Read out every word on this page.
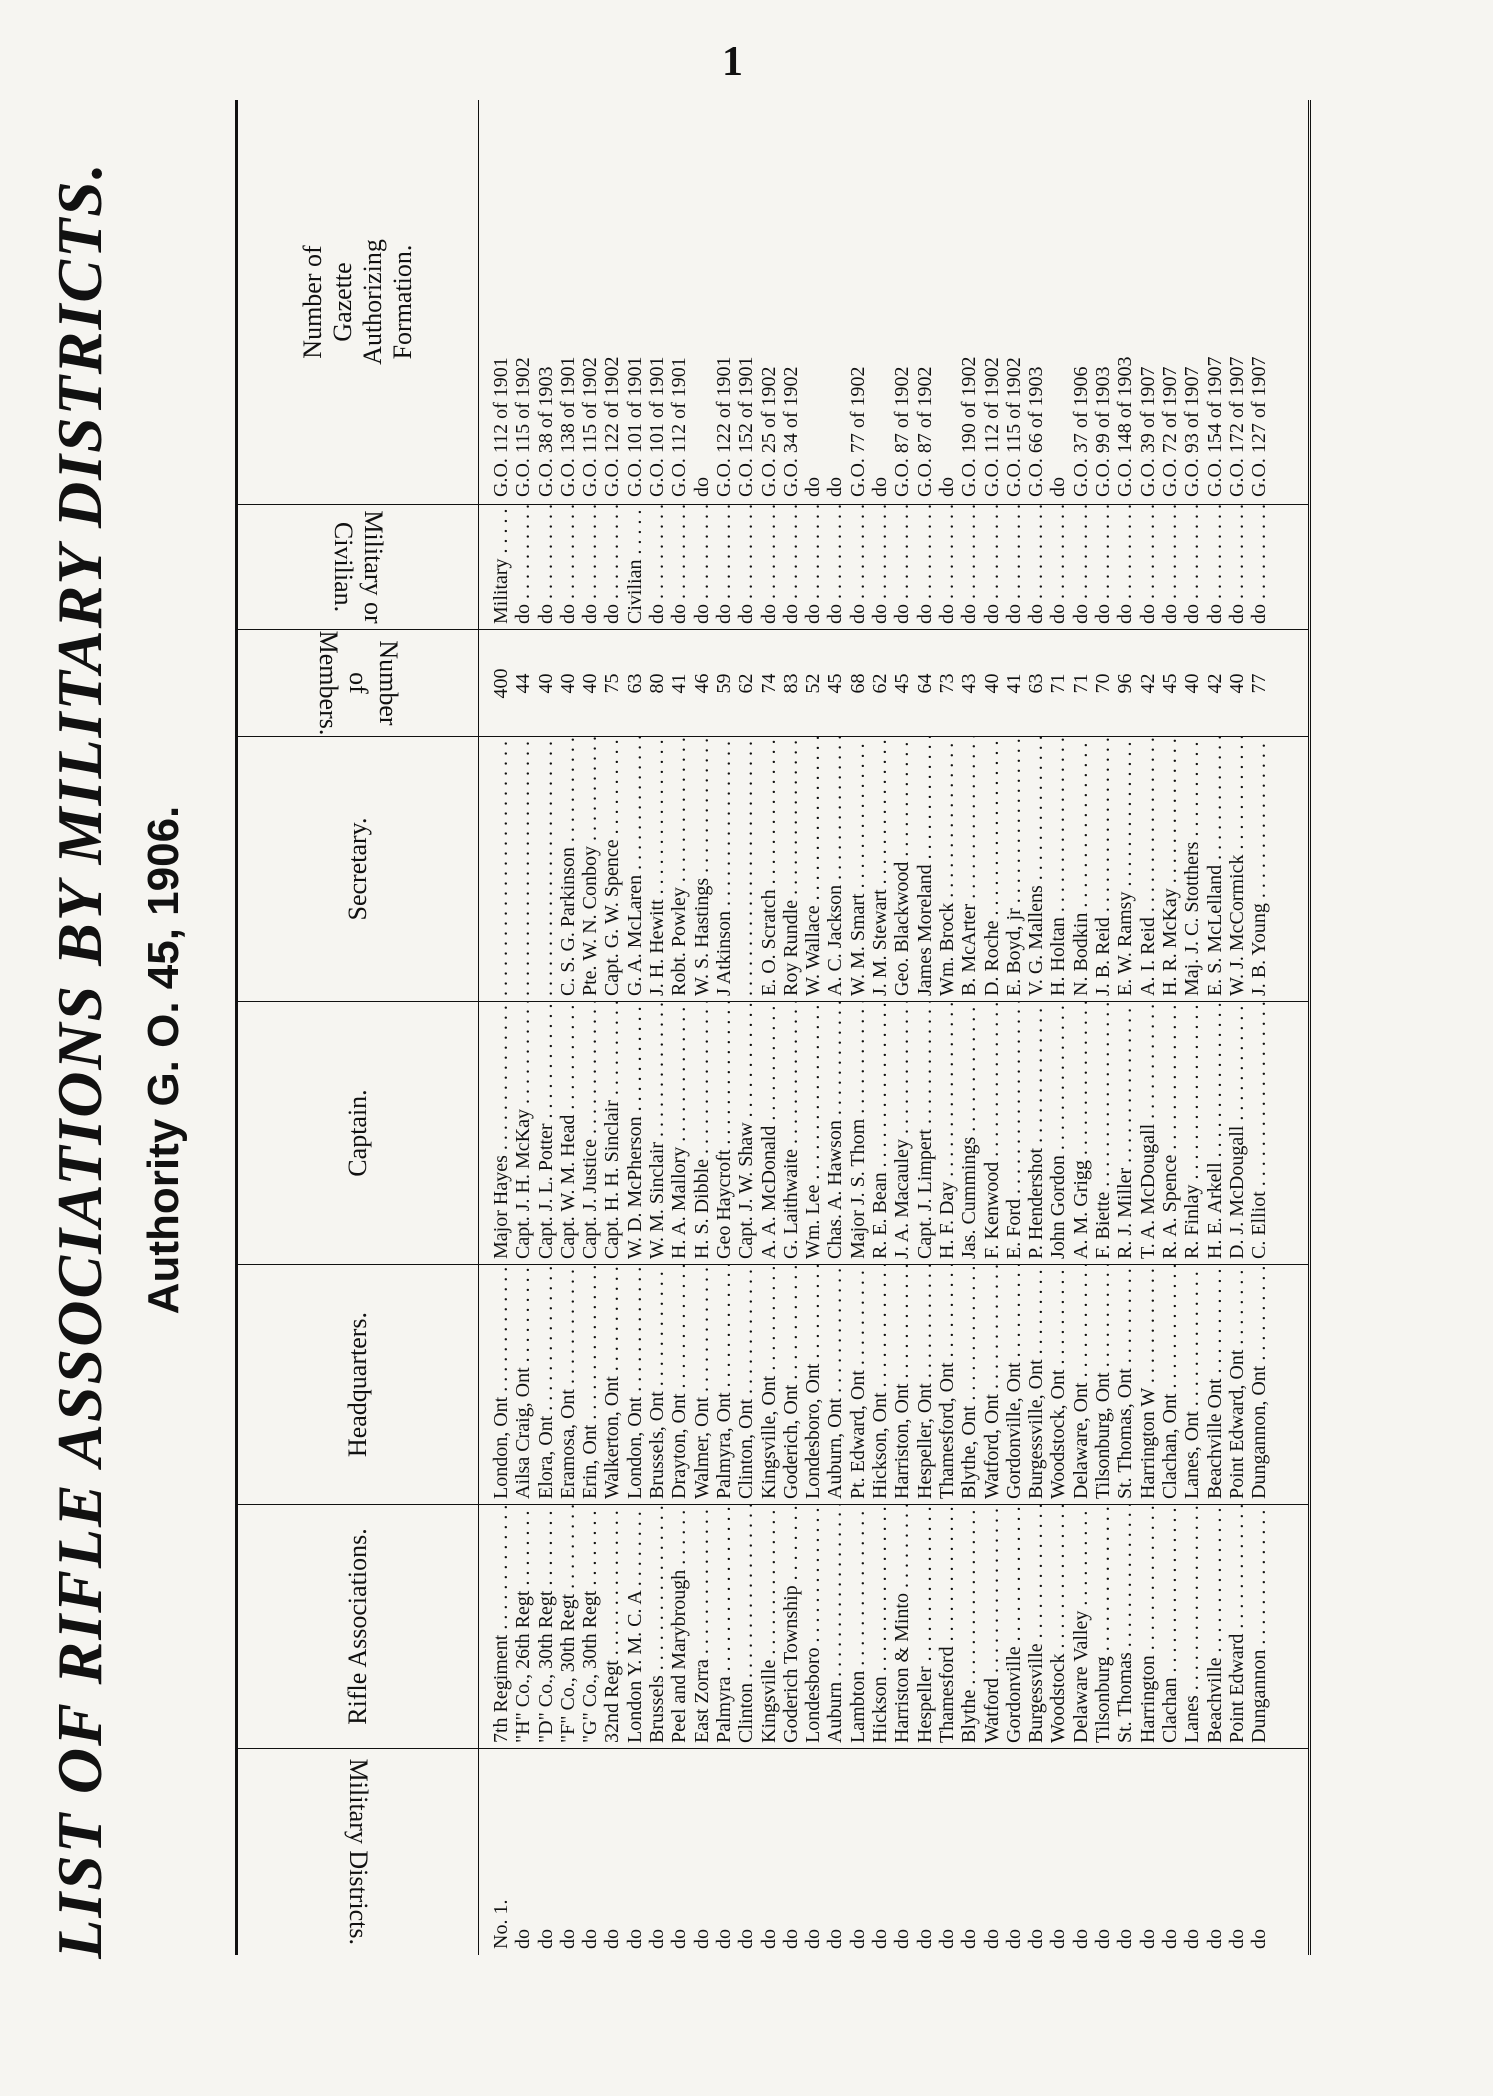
1
LIST OF RIFLE ASSOCIATIONS BY MILITARY DISTRICTS. Authority G. O. 45, 1906.
Military Districts.
Rifle Associations.
Headquarters.
Captain.
Secretary.
Number of Members.
Military or Civilian.
Number of Gazette Authorizing Formation.
No. 1.
7th Regiment . . .
London, Ont . . .
Major Hayes . . .
. . .
400
Military . . .
G.O. 112 of 1901
do
"H" Co., 26th Regt . . .
Ailsa Craig, Ont . . .
Capt. J. H. McKay . . .
. . .
44
do . . .
G.O. 115 of 1902
do
"D" Co., 30th Regt . . .
Elora, Ont . . .
Capt. J. L. Potter . . .
. . .
40
do . . .
G.O. 38 of 1903
do
"F" Co., 30th Regt . . .
Eramosa, Ont . . .
Capt. W. M. Head . . .
C. S. G. Parkinson . . .
40
do . . .
G.O. 138 of 1901
do
"G" Co., 30th Regt . . .
Erin, Ont . . .
Capt. J. Justice . . .
Pte. W. N. Conboy . . .
40
do . . .
G.O. 115 of 1902
do
32nd Regt . . .
Walkerton, Ont . . .
Capt. H. H. Sinclair . . .
Capt. G. W. Spence . . .
75
do . . .
G.O. 122 of 1902
do
London Y. M. C. A . . .
London, Ont . . .
W. D. McPherson . . .
G. A. McLaren . . .
63
Civilian . . .
G.O. 101 of 1901
do
Brussels . . .
Brussels, Ont . . .
W. M. Sinclair . . .
J. H. Hewitt . . .
80
do . . .
G.O. 101 of 1901
do
Peel and Marybrough . . .
Drayton, Ont . . .
H. A. Mallory . . .
Robt. Powley . . .
41
do . . .
G.O. 112 of 1901
do
East Zorra . . .
Walmer, Ont . . .
H. S. Dibble . . .
W. S. Hastings . . .
46
do . . .
do
do
Palmyra . . .
Palmyra, Ont . . .
Geo Haycroft . . .
J Atkinson . . .
59
do . . .
G.O. 122 of 1901
do
Clinton . . .
Clinton, Ont . . .
Capt. J. W. Shaw . . .
. . .
62
do . . .
G.O. 152 of 1901
do
Kingsville . . .
Kingsville, Ont . . .
A. A. McDonald . . .
E. O. Scratch . . .
74
do . . .
G.O. 25 of 1902
do
Goderich Township . . .
Goderich, Ont . . .
G. Laithwaite . . .
Roy Rundle . . .
83
do . . .
G.O. 34 of 1902
do
Londesboro . . .
Londesboro, Ont . . .
Wm. Lee . . .
W. Wallace . . .
52
do . . .
do
do
Auburn . . .
Auburn, Ont . . .
Chas. A. Hawson . . .
A. C. Jackson . . .
45
do . . .
do
do
Lambton . . .
Pt. Edward, Ont . . .
Major J. S. Thom . . .
W. M. Smart . . .
68
do . . .
G.O. 77 of 1902
do
Hickson . . .
Hickson, Ont . . .
R. E. Bean . . .
J. M. Stewart . . .
62
do . . .
do
do
Harriston & Minto . . .
Harriston, Ont . . .
J. A. Macauley . . .
Geo. Blackwood . . .
45
do . . .
G.O. 87 of 1902
do
Hespeller . . .
Hespeller, Ont . . .
Capt. J. Limpert . . .
James Moreland . . .
64
do . . .
G.O. 87 of 1902
do
Thamesford . . .
Thamesford, Ont . . .
H. F. Day . . .
Wm. Brock . . .
73
do . . .
do
do
Blythe . . .
Blythe, Ont . . .
Jas. Cummings . . .
B. McArter . . .
43
do . . .
G.O. 190 of 1902
do
Watford . . .
Watford, Ont . . .
F. Kenwood . . .
D. Roche . . .
40
do . . .
G.O. 112 of 1902
do
Gordonville . . .
Gordonville, Ont . . .
E. Ford . . .
E. Boyd, jr . . .
41
do . . .
G.O. 115 of 1902
do
Burgessville . . .
Burgessville, Ont . . .
P. Hendershot . . .
V. G. Mallens . . .
63
do . . .
G.O. 66 of 1903
do
Woodstock . . .
Woodstock, Ont . . .
John Gordon . . .
H. Holtan . . .
71
do . . .
do
do
Delaware Valley . . .
Delaware, Ont . . .
A. M. Grigg . . .
N. Bodkin . . .
71
do . . .
G.O. 37 of 1906
do
Tilsonburg . . .
Tilsonburg, Ont . . .
F. Biette . . .
J. B. Reid . . .
70
do . . .
G.O. 99 of 1903
do
St. Thomas . . .
St. Thomas, Ont . . .
R. J. Miller . . .
E. W. Ramsy . . .
96
do . . .
G.O. 148 of 1903
do
Harrington . . .
Harrington W . . .
T. A. McDougall . . .
A. I. Reid . . .
42
do . . .
G.O. 39 of 1907
do
Clachan . . .
Clachan, Ont . . .
R. A. Spence . . .
H. R. McKay . . .
45
do . . .
G.O. 72 of 1907
do
Lanes . . .
Lanes, Ont . . .
R. Finlay . . .
Maj. J. C. Stotthers . . .
40
do . . .
G.O. 93 of 1907
do
Beachville . . .
Beachville Ont . . .
H. E. Arkell . . .
E. S. McLelland . . .
42
do . . .
G.O. 154 of 1907
do
Point Edward . . .
Point Edward, Ont . . .
D. J. McDougall . . .
W. J. McCormick . . .
40
do . . .
G.O. 172 of 1907
do
Dungannon . . .
Dungannon, Ont . . .
C. Elliot . . .
J. B. Young . . .
77
do . . .
G.O. 127 of 1907
